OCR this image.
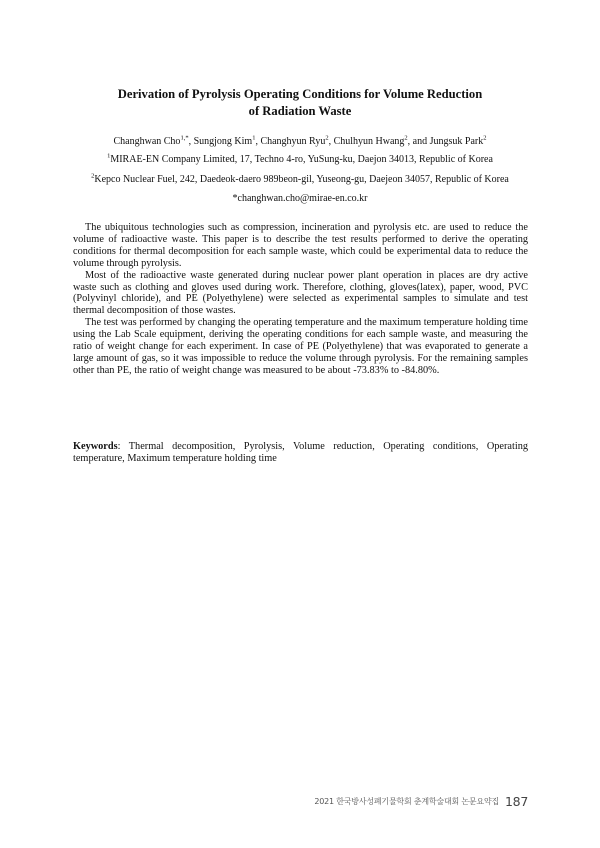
Derivation of Pyrolysis Operating Conditions for Volume Reduction
of Radiation Waste
Changhwan Cho$^{1,*}$, Sungjong Kim$^1$, Changhyun Ryu$^2$, Chulhyun Hwang$^2$, and Jungsuk Park$^2$
$^1$MIRAE-EN Company Limited, 17, Techno 4-ro, YuSung-ku, Daejon 34013, Republic of Korea
$^2$Kepco Nuclear Fuel, 242, Daedeok-daero 989beon-gil, Yuseong-gu, Daejeon 34057, Republic of Korea
*changhwan.cho@mirae-en.co.kr

The ubiquitous technologies such as compression, incineration and pyrolysis etc. are used to reduce the volume of radioactive waste. This paper is to describe the test results performed to derive the operating conditions for thermal decomposition for each sample waste, which could be experimental data to reduce the volume through pyrolysis.

Most of the radioactive waste generated during nuclear power plant operation in places are dry active waste such as clothing and gloves used during work. Therefore, clothing, gloves(latex), paper, wood, PVC (Polyvinyl chloride), and PE (Polyethylene) were selected as experimental samples to simulate and test thermal decomposition of those wastes.

The test was performed by changing the operating temperature and the maximum temperature holding time using the Lab Scale equipment, deriving the operating conditions for each sample waste, and measuring the ratio of weight change for each experiment. In case of PE (Polyethylene) that was evaporated to generate a large amount of gas, so it was impossible to reduce the volume through pyrolysis. For the remaining samples other than PE, the ratio of weight change was measured to be about -73.83% to -84.80%.

Keywords: Thermal decomposition, Pyrolysis, Volume reduction, Operating conditions, Operating temperature, Maximum temperature holding time
2021 한국방사성폐기물학회 춘계학술대회 논문요약집 187
